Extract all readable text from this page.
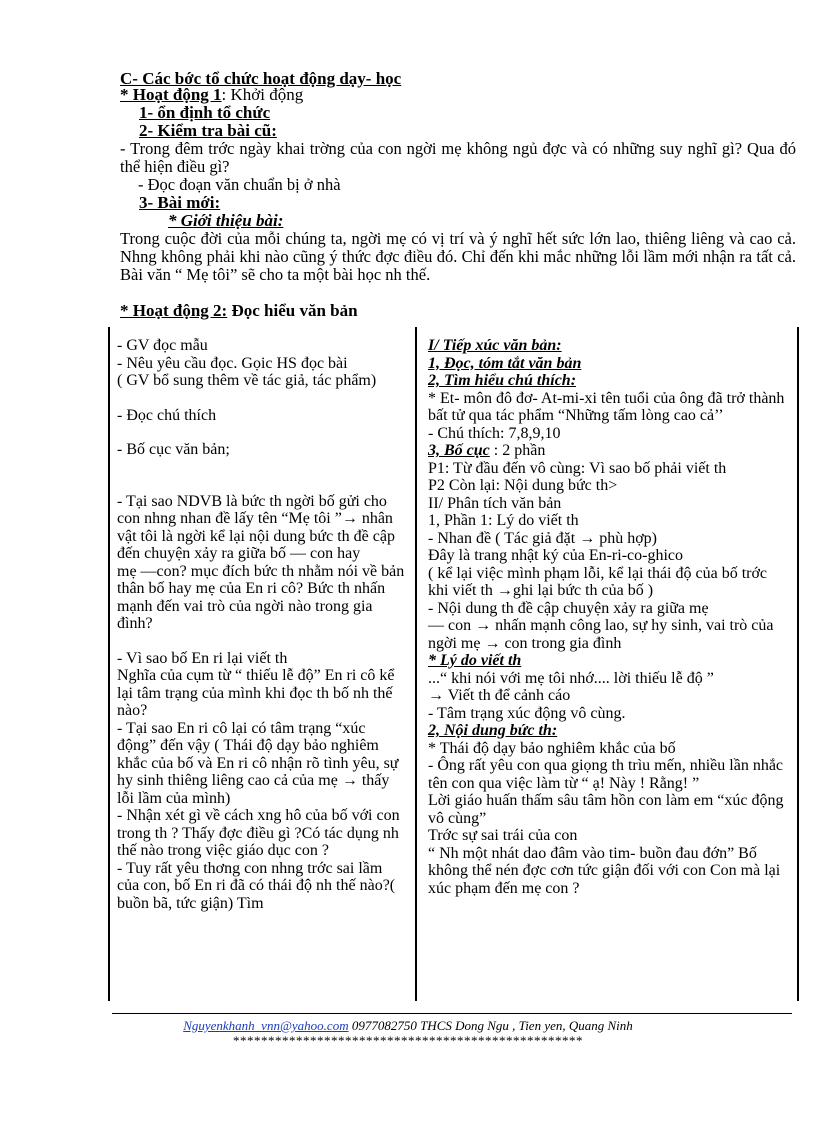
C- Các bớc tổ chức hoạt động dạy- học
* Hoạt động 1: Khởi động
1- ổn định tổ chức
2- Kiểm tra bài cũ:
- Trong đêm trớc ngày khai trờng của con ngời mẹ không ngủ đợc và có những suy nghĩ gì? Qua đó thể hiện điều gì?
- Đọc đoạn văn chuẩn bị ở nhà
3- Bài mới:
* Giới thiệu bài:
Trong cuộc đời của mỗi chúng ta, ngời mẹ có vị trí và ý nghĩ hết sức lớn lao, thiêng liêng và cao cả. Nhng không phải khi nào cũng ý thức đợc điều đó. Chỉ đến khi mắc những lỗi lầm mới nhận ra tất cả. Bài văn “ Mẹ tôi” sẽ cho ta một bài học nh thế.
* Hoạt động 2: Đọc hiểu văn bản

- GV đọc mẫu

- Nêu yêu cầu đọc. Gọic HS đọc bài

( GV bổ sung thêm về tác giả, tác phẩm)

- Đọc chú thích

- Bố cục văn bản;

- Tại sao NDVB là bức th ngời bố gửi cho con nhng nhan đề lấy tên “Mẹ tôi ”→ nhân vật tôi là ngời kể lại nội dung bức th đề cập đến chuyện xảy ra giữa bố — con hay

mẹ —con? mục đích bức th nhằm nói về bản thân bố hay mẹ của En ri cô? Bức th nhấn mạnh đến vai trò của ngời nào trong gia đình?

- Vì sao bố En ri lại viết th

Nghĩa của cụm từ “ thiếu lễ độ” En ri cô kể lại tâm trạng của mình khi đọc th bố nh thế nào?

- Tại sao En ri cô lại có tâm trạng “xúc động” đến vậy ( Thái độ dạy bảo nghiêm khắc của bố và En ri cô nhận rõ tình yêu, sự hy sinh thiêng liêng cao cả của mẹ → thấy lỗi lầm của mình)

- Nhận xét gì về cách xng hô của bố với con trong th ? Thấy đợc điều gì ?Có tác dụng nh thế nào trong việc giáo dục con ?

- Tuy rất yêu thơng con nhng trớc sai lầm của con, bố En ri đã có thái độ nh thế nào?( buồn bã, tức giận) Tìm

I/ Tiếp xúc văn bản:

1, Đọc, tóm tắt văn bản

2, Tìm hiểu chú thích:

* Et- môn đô đơ- At-mi-xi tên tuổi của ông đã trở thành bất tử qua tác phẩm “Những tấm lòng cao cả’’

- Chú thích: 7,8,9,10

3, Bố cục : 2 phần

P1: Từ đầu đến vô cùng: Vì sao bố phải viết th

P2 Còn lại: Nội dung bức th>

II/ Phân tích văn bản

1, Phần 1: Lý do viết th

- Nhan đề ( Tác giả đặt → phù hợp)

Đây là trang nhật ký của En-ri-co-ghico

( kể lại việc mình phạm lỗi, kể lại thái độ của bố trớc khi viết th →ghi lại bức th của bố )

- Nội dung th đề cập chuyện xảy ra giữa mẹ

— con → nhấn mạnh công lao, sự hy sinh, vai trò của ngời mẹ → con trong gia đình

* Lý do viết th

...“ khi nói với mẹ tôi nhớ.... lời thiếu lễ độ ”

→ Viết th để cảnh cáo

- Tâm trạng xúc động vô cùng.

2, Nội dung bức th:

* Thái độ dạy bảo nghiêm khắc của bố

- Ông rất yêu con qua giọng th trìu mến, nhiều lần nhắc tên con qua việc làm từ “ ạ! Này ! Rằng! ”

Lời giáo huấn thấm sâu tâm hồn con làm em “xúc động vô cùng”

Trớc sự sai trái của con

“ Nh một nhát dao đâm vào tim- buồn đau đớn” Bố không thể nén đợc cơn tức giận đối với con Con mà lại xúc phạm đến mẹ con ?

Nguyenkhanh_vnn@yahoo.com 0977082750 THCS Dong Ngu , Tien yen, Quang Ninh
**************************************************
